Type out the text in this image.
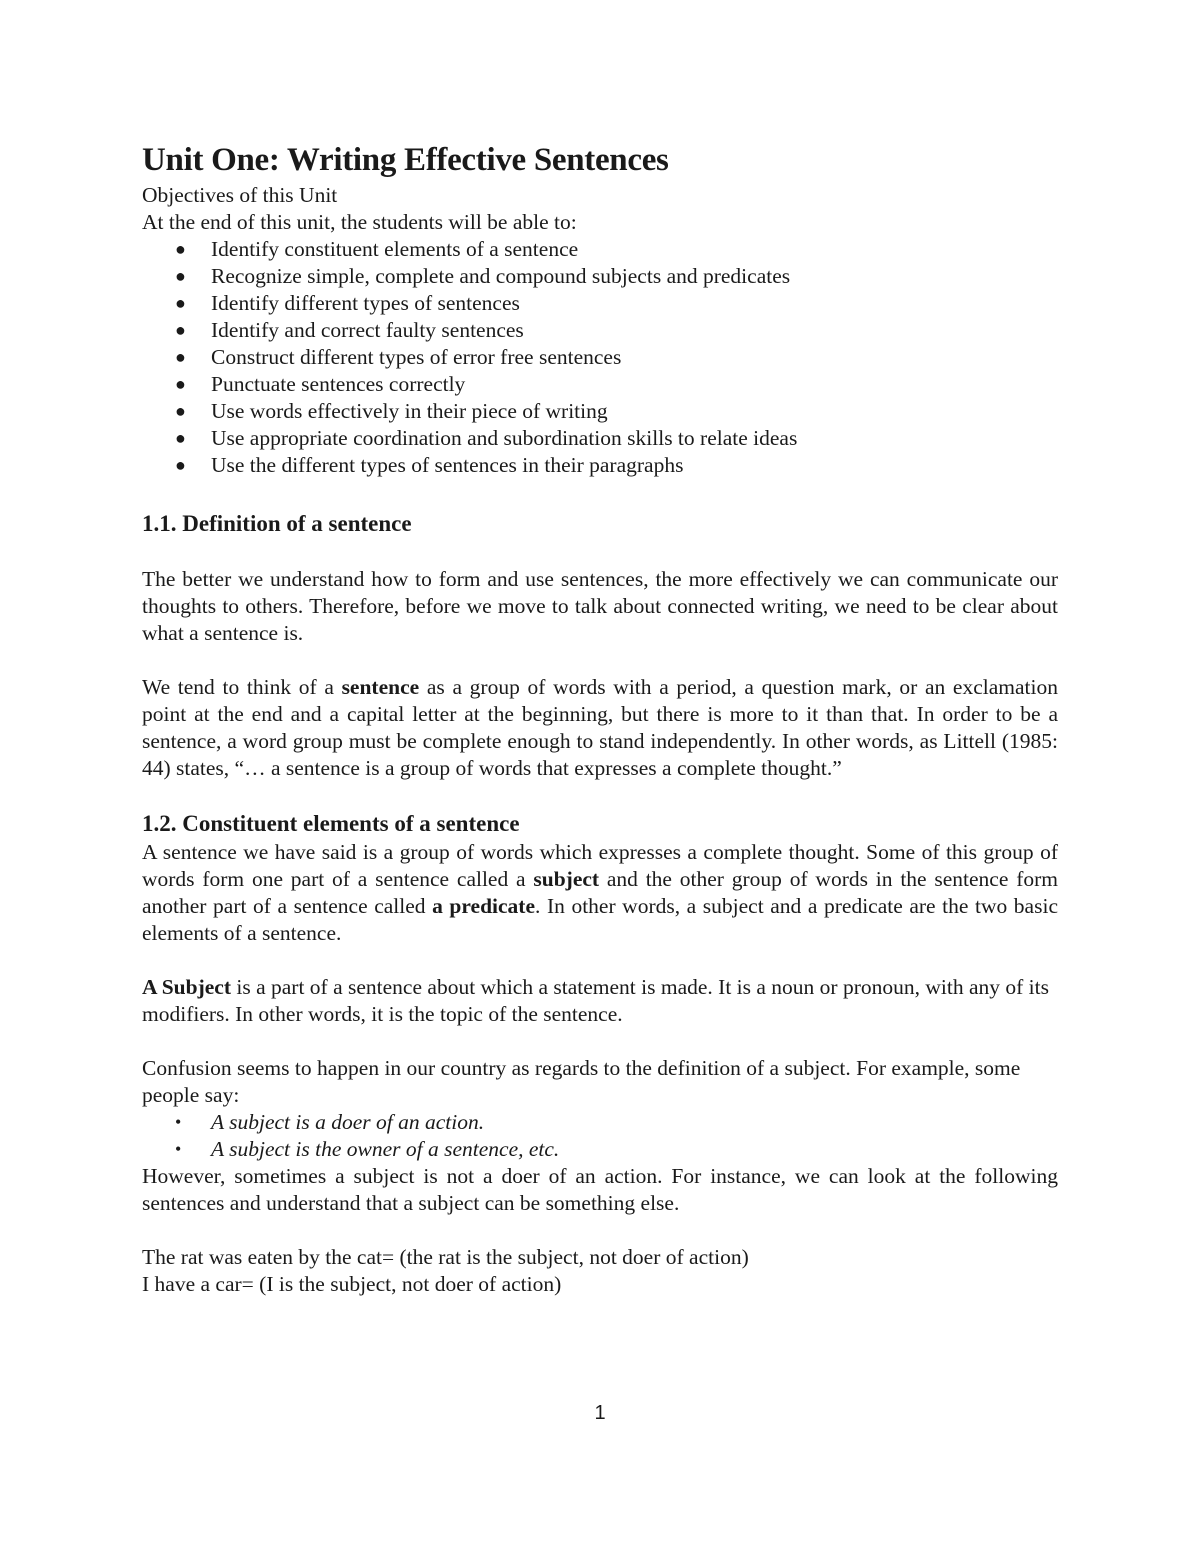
Unit One: Writing Effective Sentences

Objectives of this Unit

At the end of this unit, the students will be able to:

● Identify constituent elements of a sentence
● Recognize simple, complete and compound subjects and predicates
● Identify different types of sentences
● Identify and correct faulty sentences
● Construct different types of error free sentences
● Punctuate sentences correctly
● Use words effectively in their piece of writing
● Use appropriate coordination and subordination skills to relate ideas
● Use the different types of sentences in their paragraphs
1.1. Definition of a sentence

The better we understand how to form and use sentences, the more effectively we can communicate our thoughts to others. Therefore, before we move to talk about connected writing, we need to be clear about what a sentence is.

We tend to think of a sentence as a group of words with a period, a question mark, or an exclamation point at the end and a capital letter at the beginning, but there is more to it than that. In order to be a sentence, a word group must be complete enough to stand independently. In other words, as Littell (1985: 44) states, “… a sentence is a group of words that expresses a complete thought.”

1.2. Constituent elements of a sentence

A sentence we have said is a group of words which expresses a complete thought. Some of this group of words form one part of a sentence called a subject and the other group of words in the sentence form another part of a sentence called a predicate. In other words, a subject and a predicate are the two basic elements of a sentence.

A Subject is a part of a sentence about which a statement is made. It is a noun or pronoun, with any of its modifiers. In other words, it is the topic of the sentence.

Confusion seems to happen in our country as regards to the definition of a subject. For example, some people say:

• A subject is a doer of an action.
• A subject is the owner of a sentence, etc.

However, sometimes a subject is not a doer of an action. For instance, we can look at the following sentences and understand that a subject can be something else.

The rat was eaten by the cat= (the rat is the subject, not doer of action)

I have a car= (I is the subject, not doer of action)

1
